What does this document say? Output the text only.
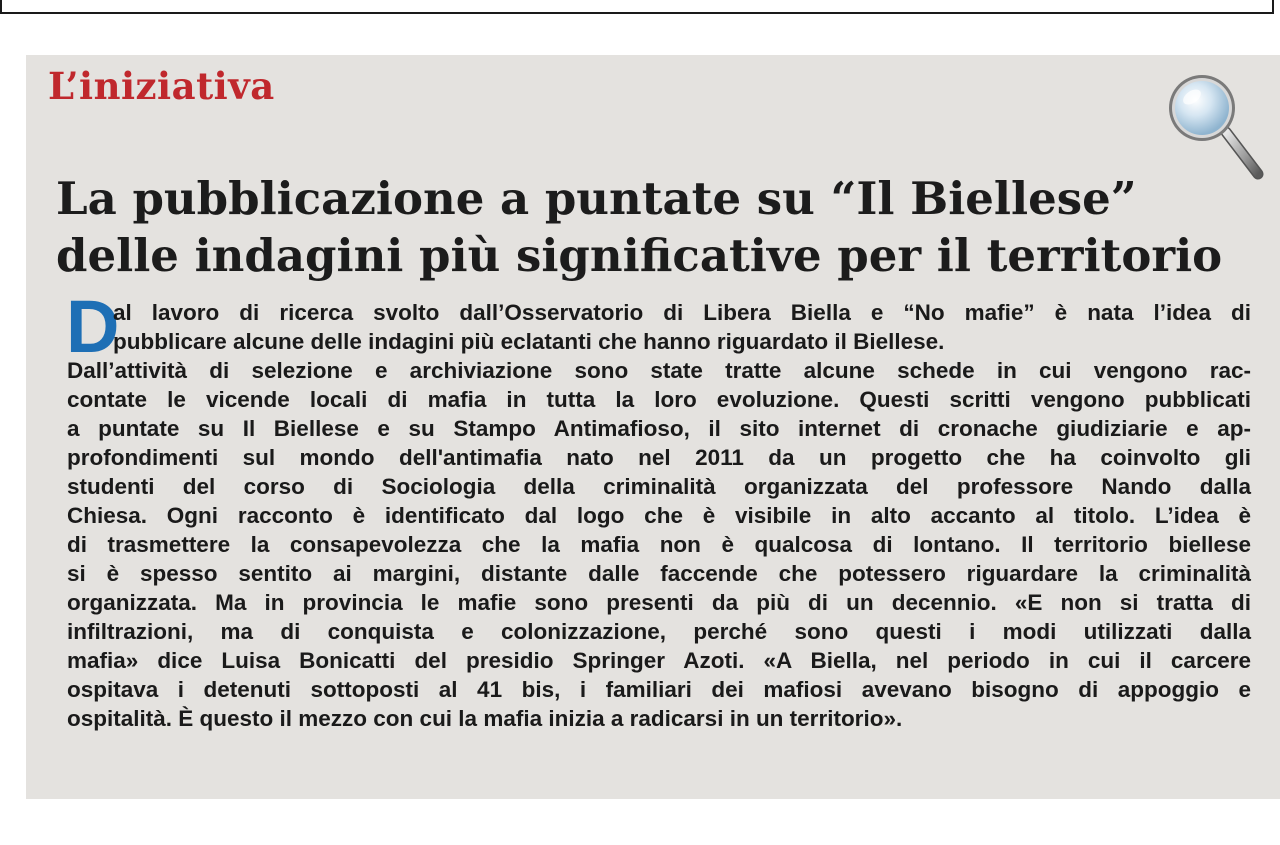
L’iniziativa
La pubblicazione a puntate su “Il Biellese”
delle indagini più significative per il territorio
D
al lavoro di ricerca svolto dall’Osservatorio di Libera Biella e “No mafie” è nata l’idea di
pubblicare alcune delle indagini più eclatanti che hanno riguardato il Biellese.
Dall’attività di selezione e archiviazione sono state tratte alcune schede in cui vengono rac-
contate le vicende locali di mafia in tutta la loro evoluzione. Questi scritti vengono pubblicati
a puntate su Il Biellese e su Stampo Antimafioso, il sito internet di cronache giudiziarie e ap-
profondimenti sul mondo dell'antimafia nato nel 2011 da un progetto che ha coinvolto gli
studenti del corso di Sociologia della criminalità organizzata del professore Nando dalla
Chiesa. Ogni racconto è identificato dal logo che è visibile in alto accanto al titolo. L’idea è
di trasmettere la consapevolezza che la mafia non è qualcosa di lontano. Il territorio biellese
si è spesso sentito ai margini, distante dalle faccende che potessero riguardare la criminalità
organizzata. Ma in provincia le mafie sono presenti da più di un decennio. «E non si tratta di
infiltrazioni, ma di conquista e colonizzazione, perché sono questi i modi utilizzati dalla
mafia» dice Luisa Bonicatti del presidio Springer Azoti. «A Biella, nel periodo in cui il carcere
ospitava i detenuti sottoposti al 41 bis, i familiari dei mafiosi avevano bisogno di appoggio e
ospitalità. È questo il mezzo con cui la mafia inizia a radicarsi in un territorio».
